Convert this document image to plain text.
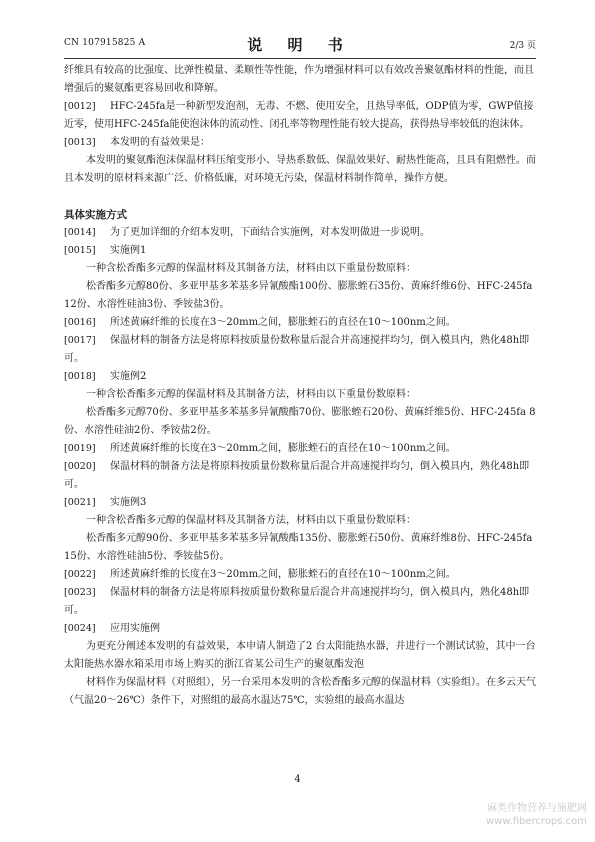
CN 107915825 A	说 明 书	2/3 页
纤维具有较高的比强度、比弹性模量、柔顺性等性能，作为增强材料可以有效改善聚氨酯材料的性能，而且增强后的聚氨酯更容易回收和降解。
[0012] HFC-245fa是一种新型发泡剂，无毒、不燃、使用安全，且热导率低，ODP值为零，GWP值接近零，使用HFC-245fa能使泡沫体的流动性、闭孔率等物理性能有较大提高，获得热导率较低的泡沫体。
[0013] 本发明的有益效果是：
本发明的聚氨酯泡沫保温材料压缩变形小、导热系数低、保温效果好、耐热性能高，且具有阻燃性。而且本发明的原材料来源广泛、价格低廉，对环境无污染，保温材料制作简单，操作方便。
具体实施方式
[0014] 为了更加详细的介绍本发明，下面结合实施例，对本发明做进一步说明。
[0015] 实施例1
一种含松香酯多元醇的保温材料及其制备方法，材料由以下重量份数原料：
松香酯多元醇80份、多亚甲基多苯基多异氰酸酯100份、膨胀蛭石35份、黄麻纤维6份、HFC-245fa 12份、水溶性硅油3份、季铵盐3份。
[0016] 所述黄麻纤维的长度在3～20mm之间，膨胀蛭石的直径在10～100nm之间。
[0017] 保温材料的制备方法是将原料按质量份数称量后混合并高速搅拌均匀，倒入模具内，熟化48h即可。
[0018] 实施例2
一种含松香酯多元醇的保温材料及其制备方法，材料由以下重量份数原料：
松香酯多元醇70份、多亚甲基多苯基多异氰酸酯70份、膨胀蛭石20份、黄麻纤维5份、HFC-245fa 8份、水溶性硅油2份、季铵盐2份。
[0019] 所述黄麻纤维的长度在3～20mm之间，膨胀蛭石的直径在10～100nm之间。
[0020] 保温材料的制备方法是将原料按质量份数称量后混合并高速搅拌均匀，倒入模具内，熟化48h即可。
[0021] 实施例3
一种含松香酯多元醇的保温材料及其制备方法，材料由以下重量份数原料：
松香酯多元醇90份、多亚甲基多苯基多异氰酸酯135份、膨胀蛭石50份、黄麻纤维8份、HFC-245fa 15份、水溶性硅油5份、季铵盐5份。
[0022] 所述黄麻纤维的长度在3～20mm之间，膨胀蛭石的直径在10～100nm之间。
[0023] 保温材料的制备方法是将原料按质量份数称量后混合并高速搅拌均匀，倒入模具内，熟化48h即可。
[0024] 应用实施例
为更充分阐述本发明的有益效果，本申请人制造了2 台太阳能热水器，并进行一个测试试验，其中一台太阳能热水器水箱采用市场上购买的浙江省某公司生产的聚氨酯发泡
材料作为保温材料（对照组），另一台采用本发明的含松香酯多元醇的保温材料（实验组）。在多云天气（气温20～26℃）条件下，对照组的最高水温达75℃，实验组的最高水温达
4
麻类作物营养与施肥网
www.fibercrops.com
